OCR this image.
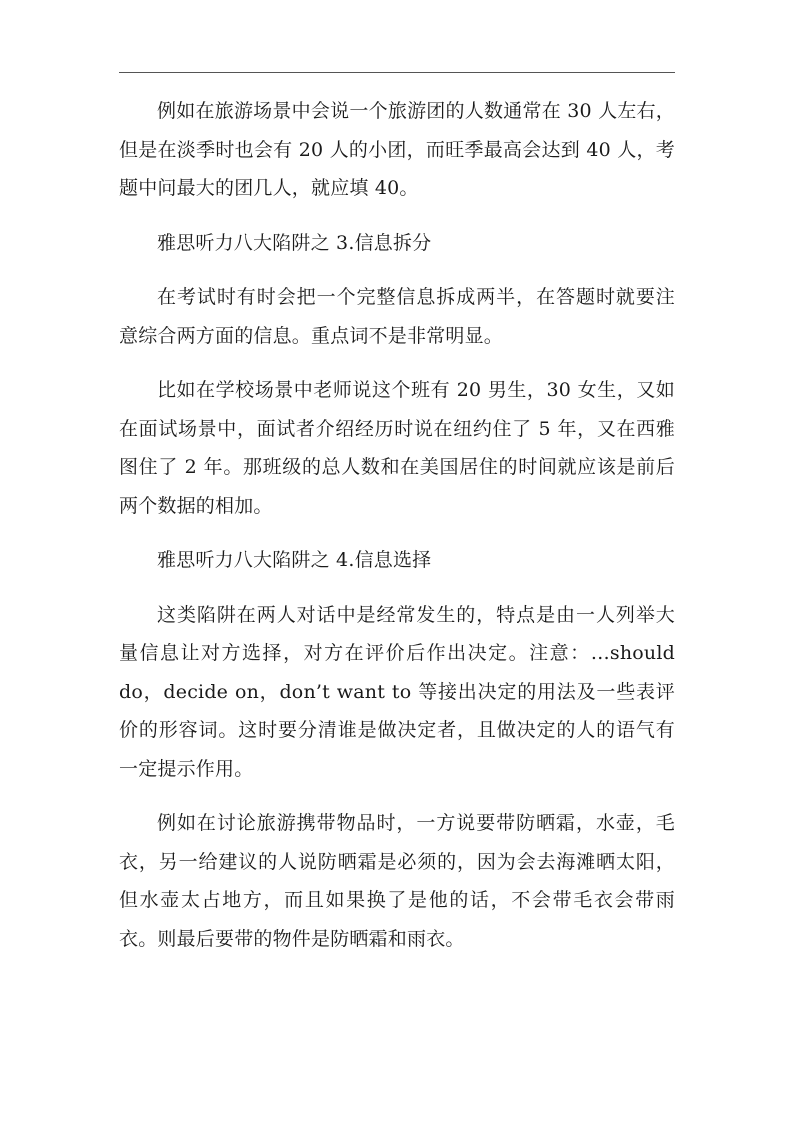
例如在旅游场景中会说一个旅游团的人数通常在 30 人左右，但是在淡季时也会有 20 人的小团，而旺季最高会达到 40 人，考题中问最大的团几人，就应填 40。

雅思听力八大陷阱之 3.信息拆分

在考试时有时会把一个完整信息拆成两半，在答题时就要注意综合两方面的信息。重点词不是非常明显。

比如在学校场景中老师说这个班有 20 男生，30 女生，又如在面试场景中，面试者介绍经历时说在纽约住了 5 年，又在西雅图住了 2 年。那班级的总人数和在美国居住的时间就应该是前后两个数据的相加。

雅思听力八大陷阱之 4.信息选择

这类陷阱在两人对话中是经常发生的，特点是由一人列举大量信息让对方选择，对方在评价后作出决定。注意：…should do，decide on，don’t want to 等接出决定的用法及一些表评价的形容词。这时要分清谁是做决定者，且做决定的人的语气有一定提示作用。

例如在讨论旅游携带物品时，一方说要带防晒霜，水壶，毛衣，另一给建议的人说防晒霜是必须的，因为会去海滩晒太阳，但水壶太占地方，而且如果换了是他的话，不会带毛衣会带雨衣。则最后要带的物件是防晒霜和雨衣。
